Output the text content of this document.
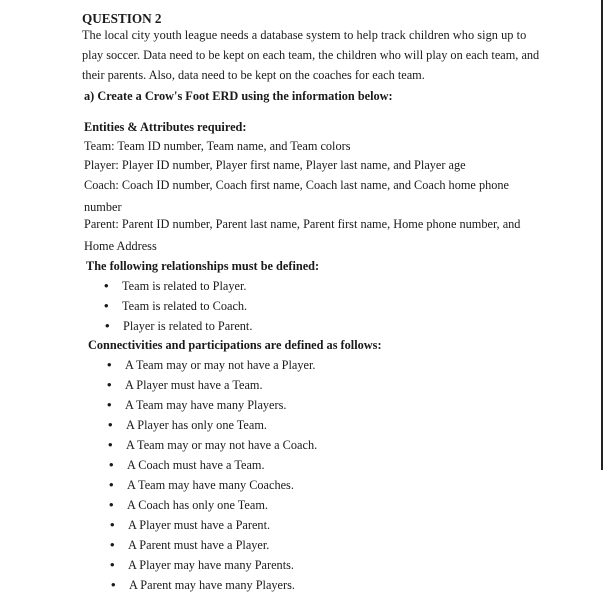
QUESTION 2
The local city youth league needs a database system to help track children who sign up to
play soccer. Data need to be kept on each team, the children who will play on each team, and
their parents. Also, data need to be kept on the coaches for each team.
a) Create a Crow's Foot ERD using the information below:
Entities & Attributes required:
Team: Team ID number, Team name, and Team colors
Player: Player ID number, Player first name, Player last name, and Player age
Coach: Coach ID number, Coach first name, Coach last name, and Coach home phone
number
Parent: Parent ID number, Parent last name, Parent first name, Home phone number, and
Home Address
The following relationships must be defined:
• Team is related to Player.
• Team is related to Coach.
• Player is related to Parent.
Connectivities and participations are defined as follows:
• A Team may or may not have a Player.
• A Player must have a Team.
• A Team may have many Players.
• A Player has only one Team.
• A Team may or may not have a Coach.
• A Coach must have a Team.
• A Team may have many Coaches.
• A Coach has only one Team.
• A Player must have a Parent.
• A Parent must have a Player.
• A Player may have many Parents.
• A Parent may have many Players.
